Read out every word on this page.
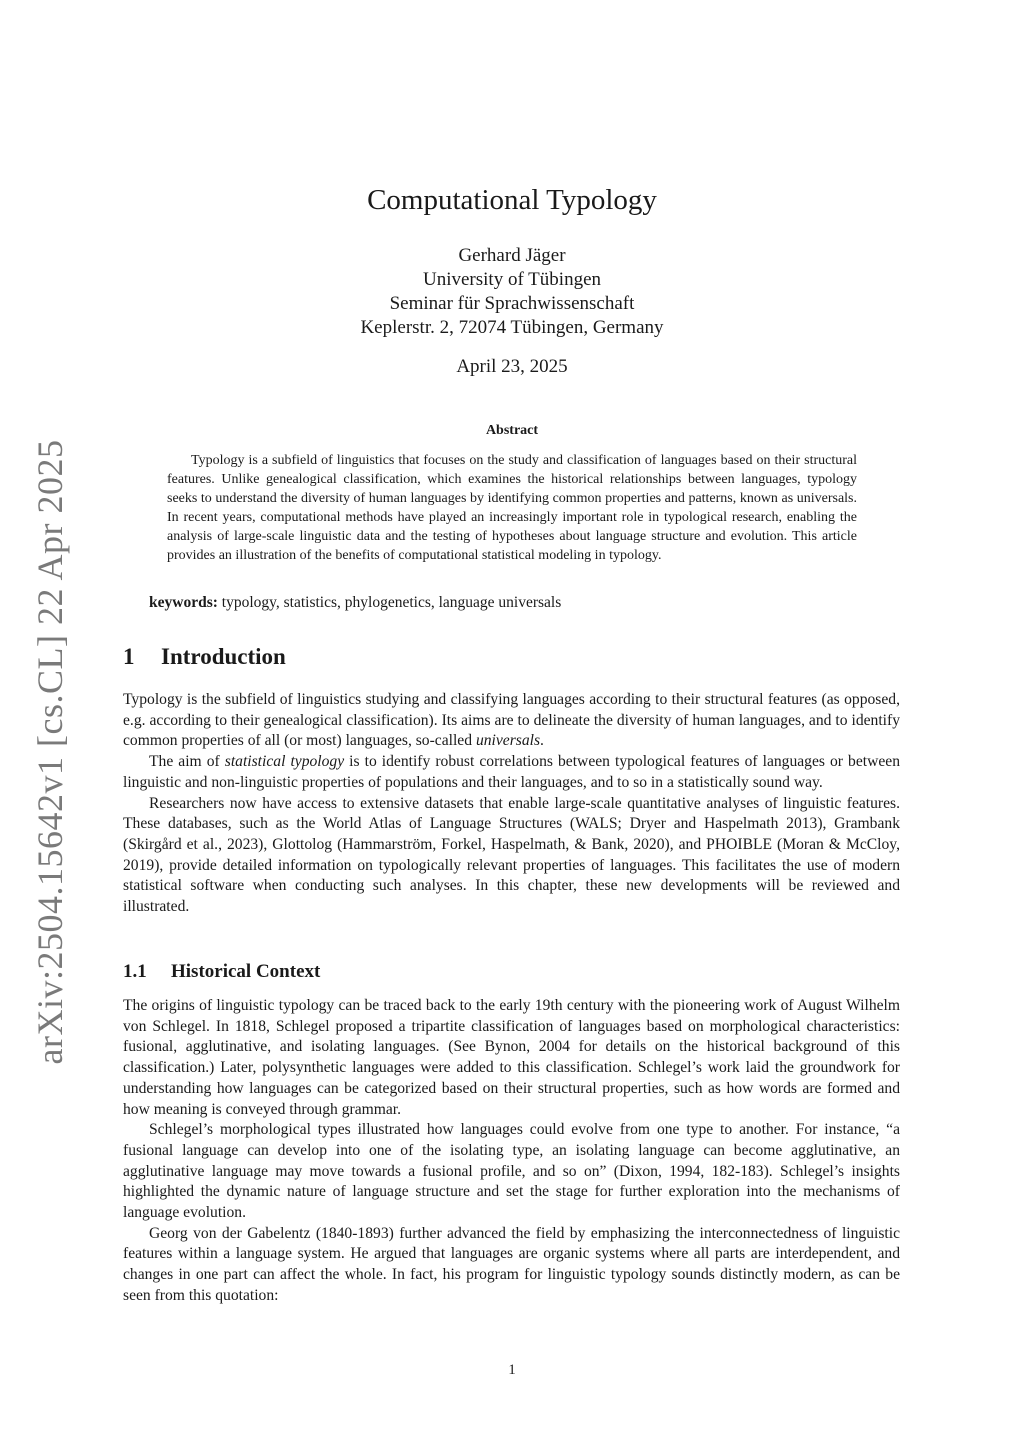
arXiv:2504.15642v1 [cs.CL] 22 Apr 2025
Computational Typology
Gerhard Jäger
University of Tübingen
Seminar für Sprachwissenschaft
Keplerstr. 2, 72074 Tübingen, Germany
April 23, 2025
Abstract

Typology is a subfield of linguistics that focuses on the study and classification of languages based on their structural features. Unlike genealogical classification, which examines the historical relationships between languages, typology seeks to understand the diversity of human languages by identifying common properties and patterns, known as universals. In recent years, computational methods have played an increasingly important role in typological research, enabling the analysis of large-scale linguistic data and the testing of hypotheses about language structure and evolution. This article provides an illustration of the benefits of computational statistical modeling in typology.

keywords: typology, statistics, phylogenetics, language universals
1 Introduction

Typology is the subfield of linguistics studying and classifying languages according to their structural features (as opposed, e.g. according to their genealogical classification). Its aims are to delineate the diversity of human languages, and to identify common properties of all (or most) languages, so-called universals.

The aim of statistical typology is to identify robust correlations between typological features of languages or between linguistic and non-linguistic properties of populations and their languages, and to so in a statistically sound way.

Researchers now have access to extensive datasets that enable large-scale quantitative analyses of linguistic features. These databases, such as the World Atlas of Language Structures (WALS; Dryer and Haspelmath 2013), Grambank (Skirgård et al., 2023), Glottolog (Hammarström, Forkel, Haspelmath, & Bank, 2020), and PHOIBLE (Moran & McCloy, 2019), provide detailed information on typologically relevant properties of languages. This facilitates the use of modern statistical software when conducting such analyses. In this chapter, these new developments will be reviewed and illustrated.

1.1 Historical Context

The origins of linguistic typology can be traced back to the early 19th century with the pioneering work of August Wilhelm von Schlegel. In 1818, Schlegel proposed a tripartite classification of languages based on morphological characteristics: fusional, agglutinative, and isolating languages. (See Bynon, 2004 for details on the historical background of this classification.) Later, polysynthetic languages were added to this classification. Schlegel’s work laid the groundwork for understanding how languages can be categorized based on their structural properties, such as how words are formed and how meaning is conveyed through grammar.

Schlegel’s morphological types illustrated how languages could evolve from one type to another. For instance, “a fusional language can develop into one of the isolating type, an isolating language can become agglutinative, an agglutinative language may move towards a fusional profile, and so on” (Dixon, 1994, 182-183). Schlegel’s insights highlighted the dynamic nature of language structure and set the stage for further exploration into the mechanisms of language evolution.

Georg von der Gabelentz (1840-1893) further advanced the field by emphasizing the interconnectedness of linguistic features within a language system. He argued that languages are organic systems where all parts are interdependent, and changes in one part can affect the whole. In fact, his program for linguistic typology sounds distinctly modern, as can be seen from this quotation:

1
